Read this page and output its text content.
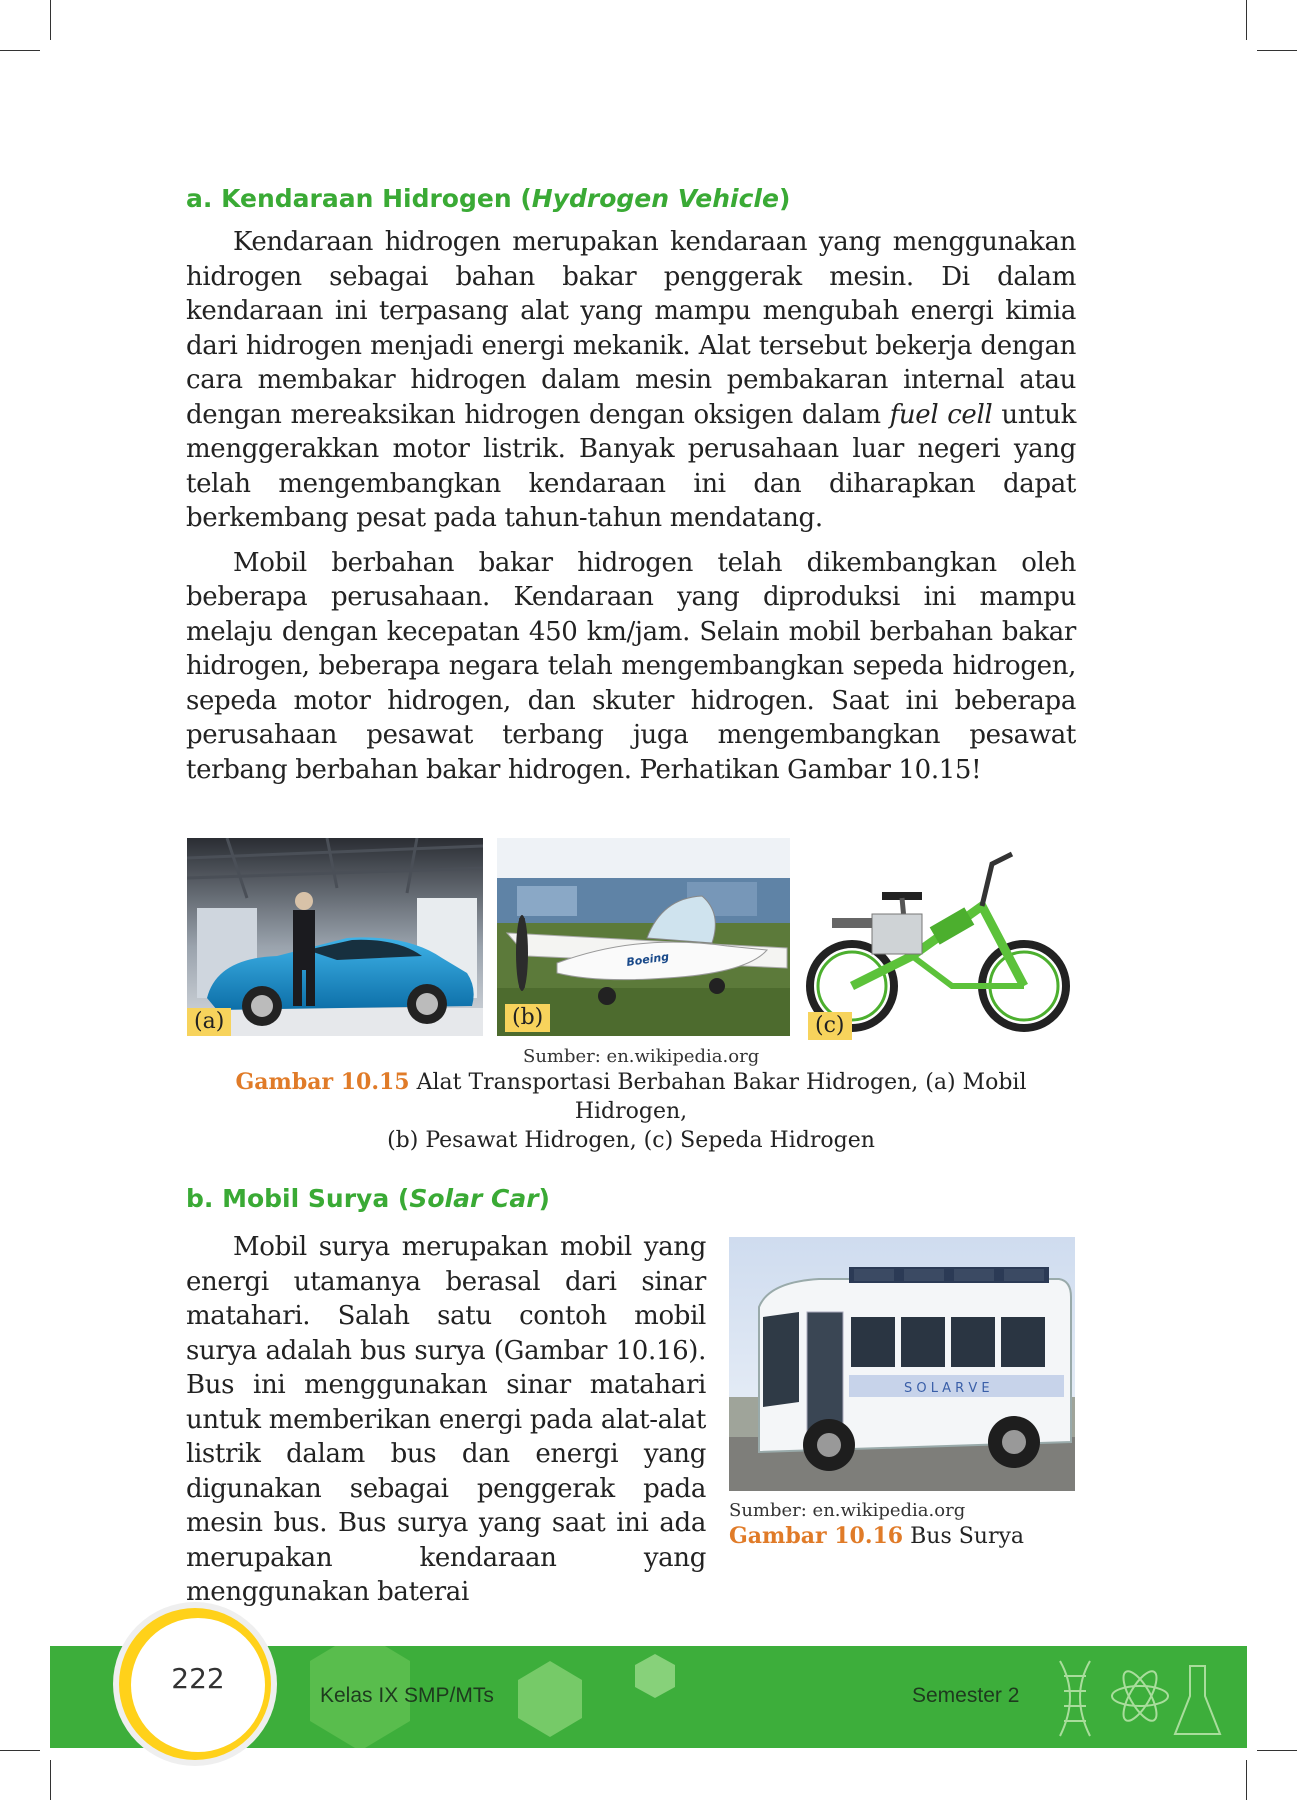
a. Kendaraan Hidrogen (Hydrogen Vehicle)

Kendaraan hidrogen merupakan kendaraan yang menggunakan hidrogen sebagai bahan bakar penggerak mesin. Di dalam kendaraan ini terpasang alat yang mampu mengubah energi kimia dari hidrogen menjadi energi mekanik. Alat tersebut bekerja dengan cara membakar hidrogen dalam mesin pembakaran internal atau dengan mereaksikan hidrogen dengan oksigen dalam fuel cell untuk menggerakkan motor listrik. Banyak perusahaan luar negeri yang telah mengembangkan kendaraan ini dan diharapkan dapat berkembang pesat pada tahun-tahun mendatang.

Mobil berbahan bakar hidrogen telah dikembangkan oleh beberapa perusahaan. Kendaraan yang diproduksi ini mampu melaju dengan kecepatan 450 km/jam. Selain mobil berbahan bakar hidrogen, beberapa negara telah mengembangkan sepeda hidrogen, sepeda motor hidrogen, dan skuter hidrogen. Saat ini beberapa perusahaan pesawat terbang juga mengembangkan pesawat terbang berbahan bakar hidrogen. Perhatikan Gambar 10.15!

(a)
Boeing
(b)	(c)
Sumber: en.wikipedia.org
Gambar 10.15 Alat Transportasi Berbahan Bakar Hidrogen, (a) Mobil Hidrogen,
(b) Pesawat Hidrogen, (c) Sepeda Hidrogen
b. Mobil Surya (Solar Car)

Mobil surya merupakan mobil yang energi utamanya berasal dari sinar matahari. Salah satu contoh mobil surya adalah bus surya (Gambar 10.16). Bus ini menggunakan sinar matahari untuk memberikan energi pada alat-alat listrik dalam bus dan energi yang digunakan sebagai penggerak pada mesin bus. Bus surya yang saat ini ada merupakan kendaraan yang menggunakan baterai

S O L A R V E
Sumber: en.wikipedia.org
Gambar 10.16 Bus Surya
Kelas IX SMP/MTs	Semester 2
222
